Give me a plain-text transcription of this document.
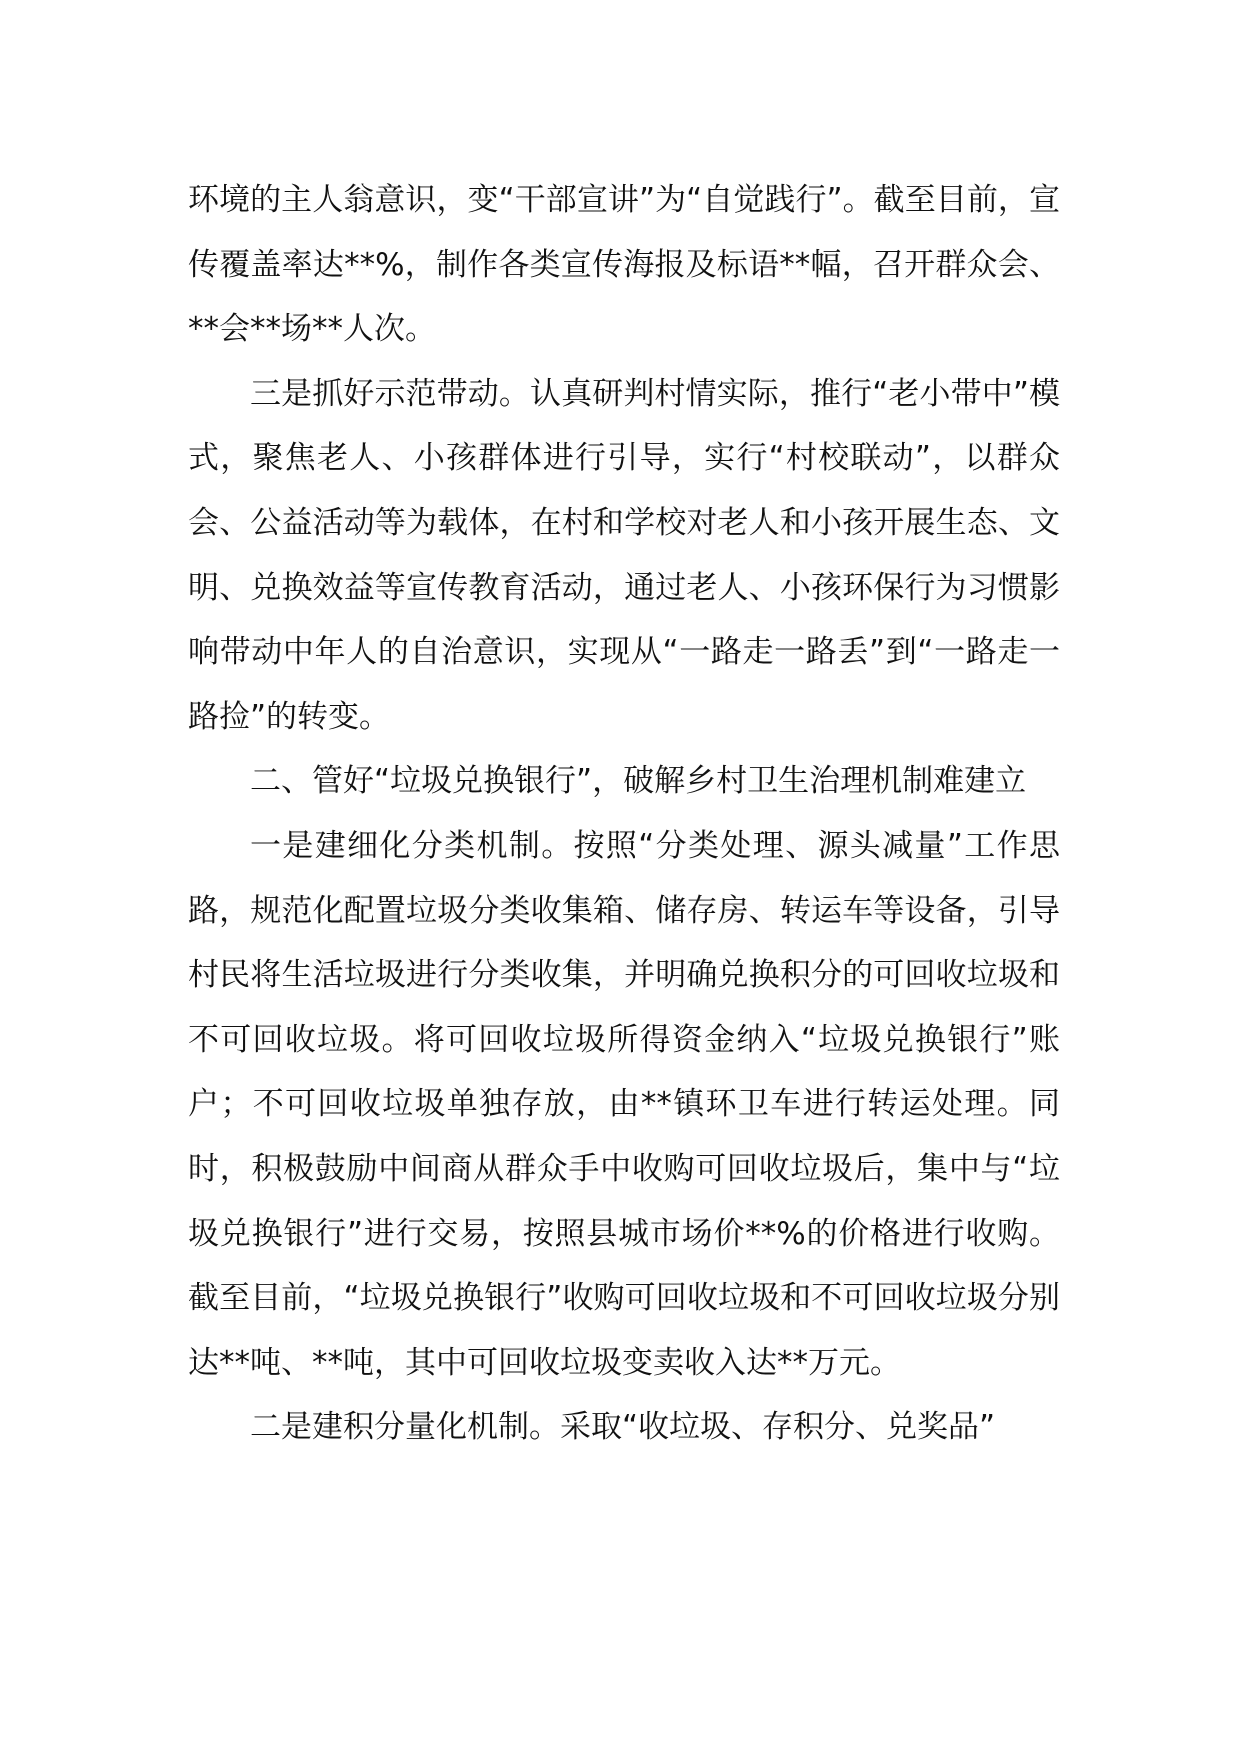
环境的主人翁意识，变“干部宣讲”为“自觉践行”。截至目前，宣传覆盖率达**%，制作各类宣传海报及标语**幅，召开群众会、**会**场**人次。

三是抓好示范带动。认真研判村情实际，推行“老小带中”模式，聚焦老人、小孩群体进行引导，实行“村校联动”，以群众会、公益活动等为载体，在村和学校对老人和小孩开展生态、文明、兑换效益等宣传教育活动，通过老人、小孩环保行为习惯影响带动中年人的自治意识，实现从“一路走一路丢”到“一路走一路捡”的转变。

二、管好“垃圾兑换银行”，破解乡村卫生治理机制难建立

一是建细化分类机制。按照“分类处理、源头减量”工作思路，规范化配置垃圾分类收集箱、储存房、转运车等设备，引导村民将生活垃圾进行分类收集，并明确兑换积分的可回收垃圾和不可回收垃圾。将可回收垃圾所得资金纳入“垃圾兑换银行”账户；不可回收垃圾单独存放，由**镇环卫车进行转运处理。同时，积极鼓励中间商从群众手中收购可回收垃圾后，集中与“垃圾兑换银行”进行交易，按照县城市场价**%的价格进行收购。截至目前，“垃圾兑换银行”收购可回收垃圾和不可回收垃圾分别达**吨、**吨，其中可回收垃圾变卖收入达**万元。

二是建积分量化机制。采取“收垃圾、存积分、兑奖品”
